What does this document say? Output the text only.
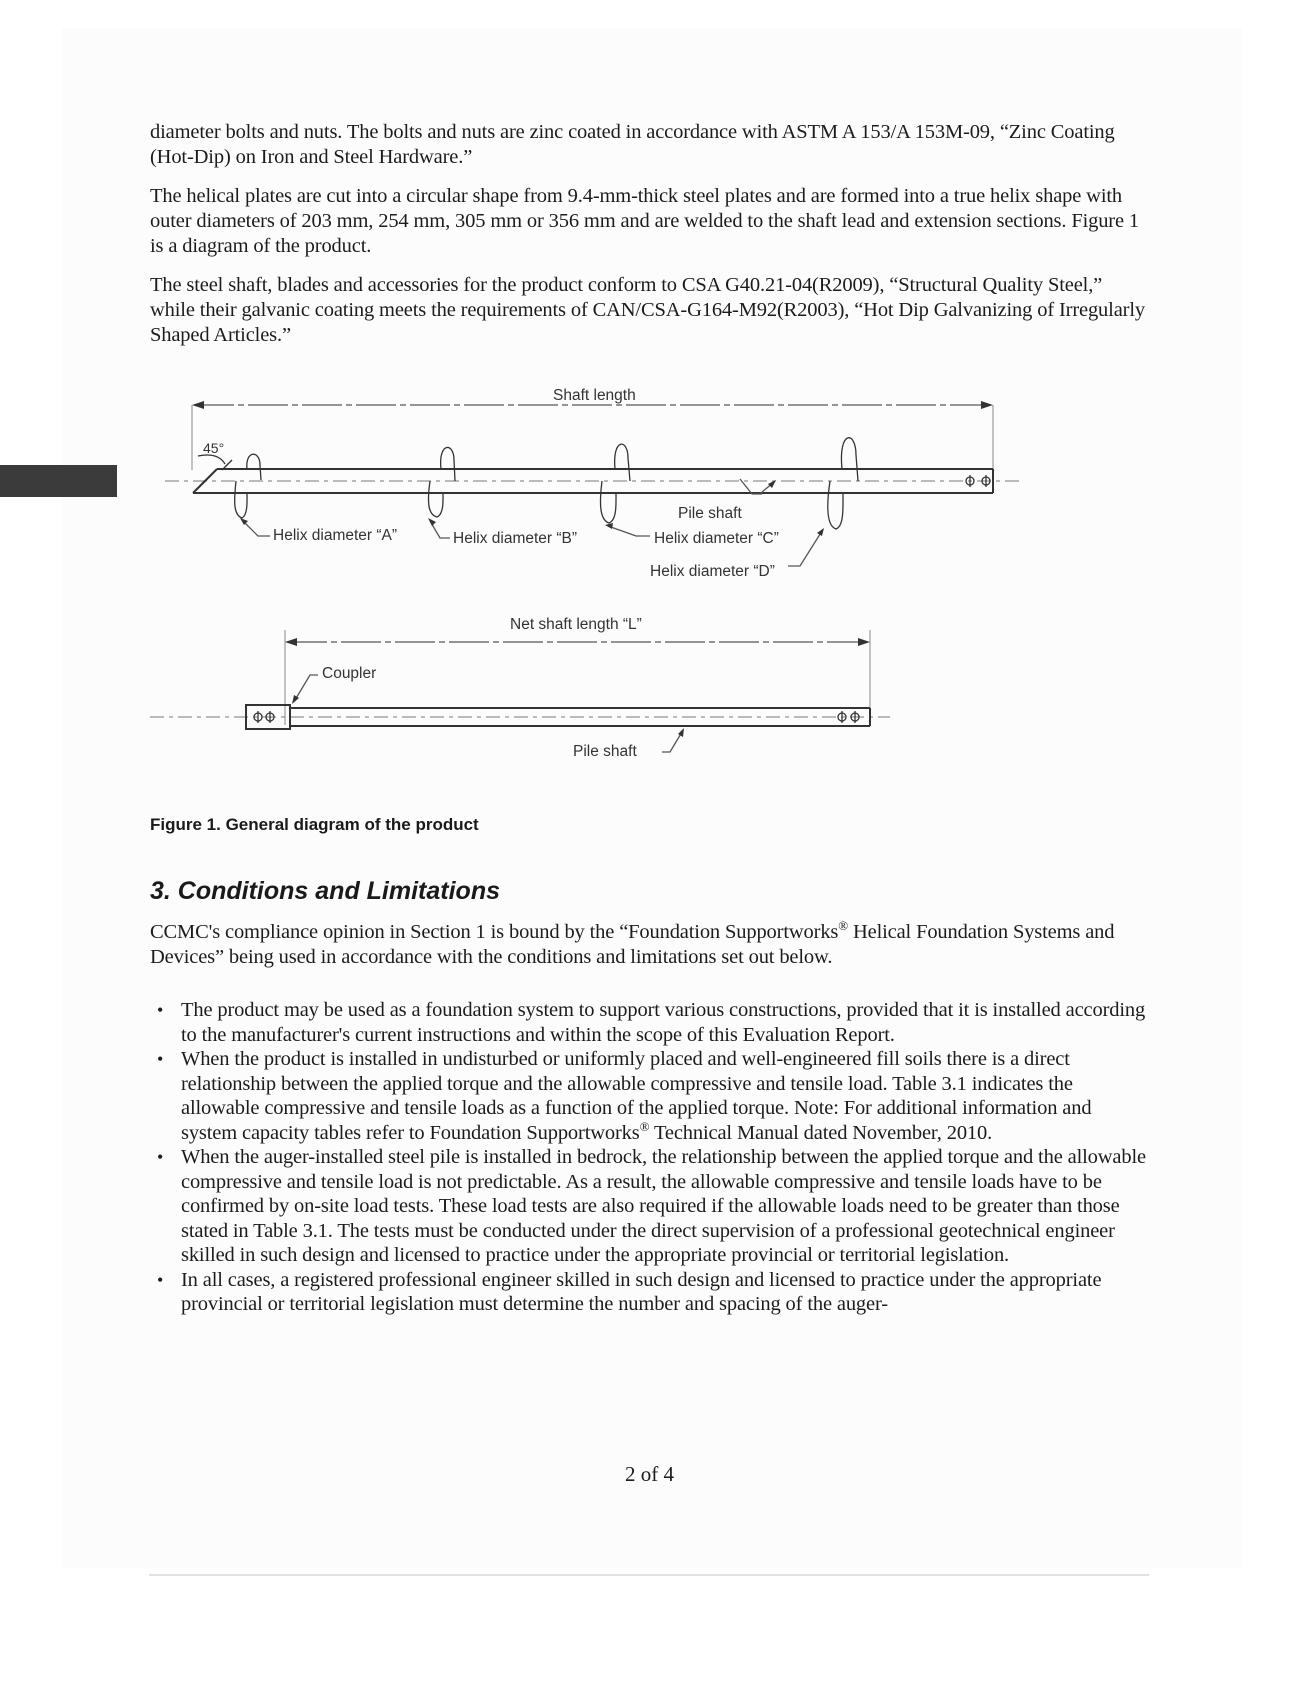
diameter bolts and nuts. The bolts and nuts are zinc coated in accordance with ASTM A 153/A 153M-09, “Zinc Coating (Hot-Dip) on Iron and Steel Hardware.”

The helical plates are cut into a circular shape from 9.4-mm-thick steel plates and are formed into a true helix shape with outer diameters of 203 mm, 254 mm, 305 mm or 356 mm and are welded to the shaft lead and extension sections. Figure 1 is a diagram of the product.

The steel shaft, blades and accessories for the product conform to CSA G40.21-04(R2009), “Structural Quality Steel,” while their galvanic coating meets the requirements of CAN/CSA-G164-M92(R2003), “Hot Dip Galvanizing of Irregularly Shaped Articles.”

Shaft length
45°
Helix diameter “A”	Helix diameter “B”
Pile shaft
Helix diameter “C”
Helix diameter “D”
Net shaft length “L”
Coupler
Pile shaft
Figure 1. General diagram of the product
3. Conditions and Limitations

CCMC's compliance opinion in Section 1 is bound by the “Foundation Supportworks® Helical Foundation Systems and Devices” being used in accordance with the conditions and limitations set out below.

• The product may be used as a foundation system to support various constructions, provided that it is installed according to the manufacturer's current instructions and within the scope of this Evaluation Report.
• When the product is installed in undisturbed or uniformly placed and well-engineered fill soils there is a direct relationship between the applied torque and the allowable compressive and tensile load. Table 3.1 indicates the allowable compressive and tensile loads as a function of the applied torque. Note: For additional information and system capacity tables refer to Foundation Supportworks® Technical Manual dated November, 2010.
• When the auger-installed steel pile is installed in bedrock, the relationship between the applied torque and the allowable compressive and tensile load is not predictable. As a result, the allowable compressive and tensile loads have to be confirmed by on-site load tests. These load tests are also required if the allowable loads need to be greater than those stated in Table 3.1. The tests must be conducted under the direct supervision of a professional geotechnical engineer skilled in such design and licensed to practice under the appropriate provincial or territorial legislation.
• In all cases, a registered professional engineer skilled in such design and licensed to practice under the appropriate provincial or territorial legislation must determine the number and spacing of the auger-
2 of 4
